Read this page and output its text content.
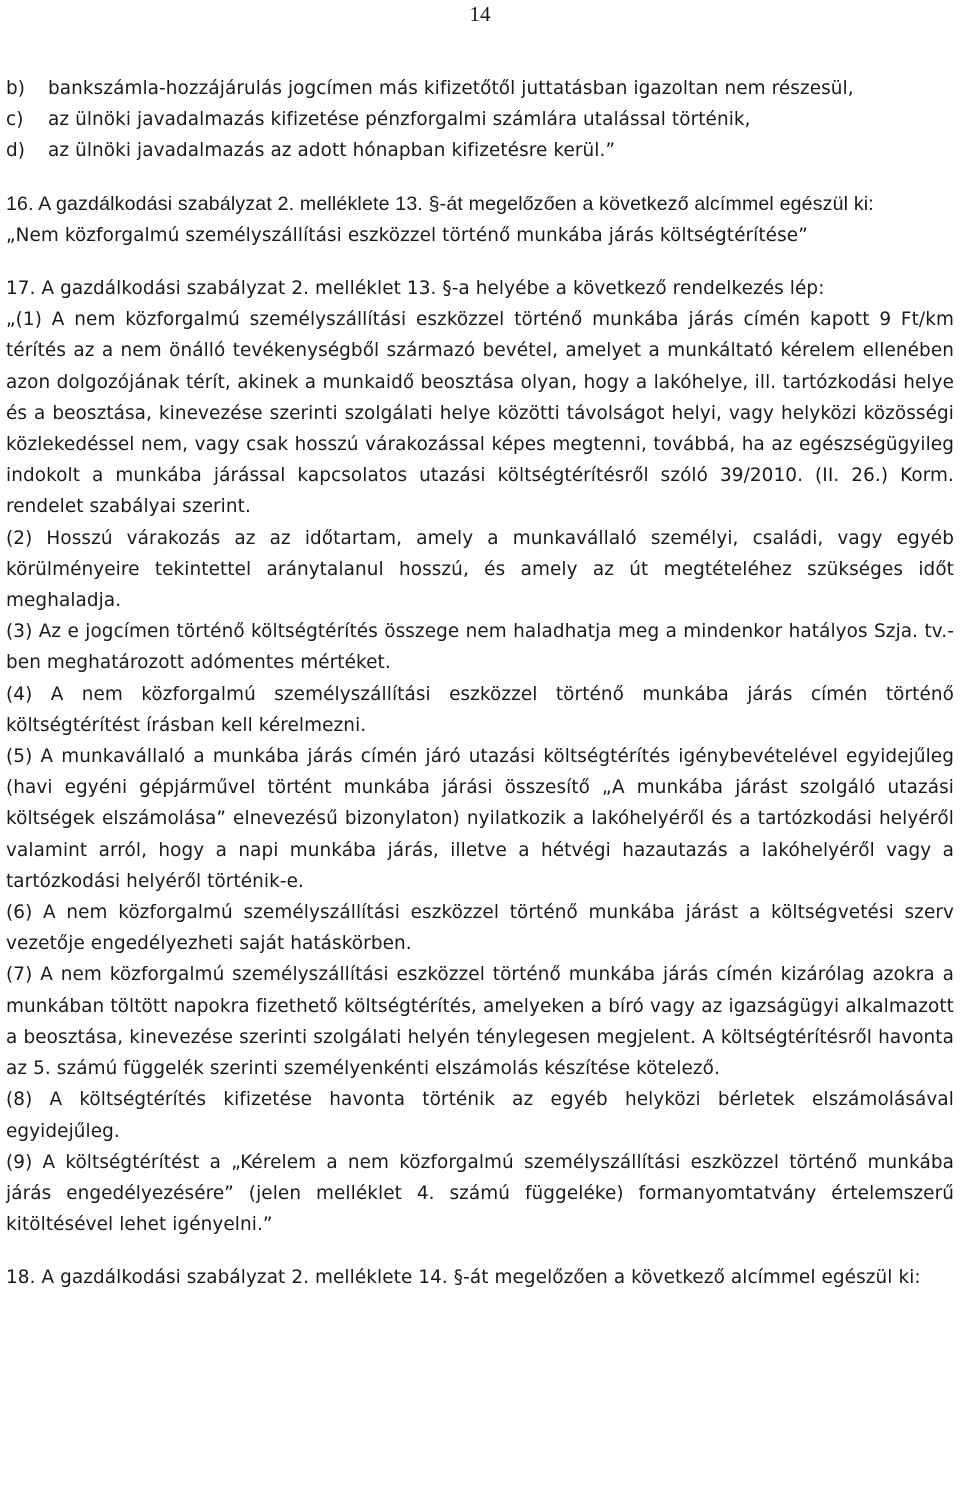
14
b)	bankszámla-hozzájárulás jogcímen más kifizetőtől juttatásban igazoltan nem részesül,
c)	az ülnöki javadalmazás kifizetése pénzforgalmi számlára utalással történik,
d)	az ülnöki javadalmazás az adott hónapban kifizetésre kerül.”

16. A gazdálkodási szabályzat 2. melléklete 13. §-át megelőzően a következő alcímmel egészül ki:

„Nem közforgalmú személyszállítási eszközzel történő munkába járás költségtérítése”

17. A gazdálkodási szabályzat 2. melléklet 13. §-a helyébe a következő rendelkezés lép:

„(1) A nem közforgalmú személyszállítási eszközzel történő munkába járás címén kapott 9 Ft/km térítés az a nem önálló tevékenységből származó bevétel, amelyet a munkáltató kérelem ellenében azon dolgozójának térít, akinek a munkaidő beosztása olyan, hogy a lakóhelye, ill. tartózkodási helye és a beosztása, kinevezése szerinti szolgálati helye közötti távolságot helyi, vagy helyközi közösségi közlekedéssel nem, vagy csak hosszú várakozással képes megtenni, továbbá, ha az egészségügyileg indokolt a munkába járással kapcsolatos utazási költségtérítésről szóló 39/2010. (II. 26.) Korm. rendelet szabályai szerint.

(2) Hosszú várakozás az az időtartam, amely a munkavállaló személyi, családi, vagy egyéb körülményeire tekintettel aránytalanul hosszú, és amely az út megtételéhez szükséges időt meghaladja.

(3) Az e jogcímen történő költségtérítés összege nem haladhatja meg a mindenkor hatályos Szja. tv.-ben meghatározott adómentes mértéket.

(4) A nem közforgalmú személyszállítási eszközzel történő munkába járás címén történő költségtérítést írásban kell kérelmezni.

(5) A munkavállaló a munkába járás címén járó utazási költségtérítés igénybevételével egyidejűleg (havi egyéni gépjárművel történt munkába járási összesítő „A munkába járást szolgáló utazási költségek elszámolása” elnevezésű bizonylaton) nyilatkozik a lakóhelyéről és a tartózkodási helyéről valamint arról, hogy a napi munkába járás, illetve a hétvégi hazautazás a lakóhelyéről vagy a tartózkodási helyéről történik-e.

(6) A nem közforgalmú személyszállítási eszközzel történő munkába járást a költségvetési szerv vezetője engedélyezheti saját hatáskörben.

(7) A nem közforgalmú személyszállítási eszközzel történő munkába járás címén kizárólag azokra a munkában töltött napokra fizethető költségtérítés, amelyeken a bíró vagy az igazságügyi alkalmazott a beosztása, kinevezése szerinti szolgálati helyén ténylegesen megjelent. A költségtérítésről havonta az 5. számú függelék szerinti személyenkénti elszámolás készítése kötelező.

(8) A költségtérítés kifizetése havonta történik az egyéb helyközi bérletek elszámolásával egyidejűleg.

(9) A költségtérítést a „Kérelem a nem közforgalmú személyszállítási eszközzel történő munkába járás engedélyezésére” (jelen melléklet 4. számú függeléke) formanyomtatvány értelemszerű kitöltésével lehet igényelni.”

18. A gazdálkodási szabályzat 2. melléklete 14. §-át megelőzően a következő alcímmel egészül ki:
